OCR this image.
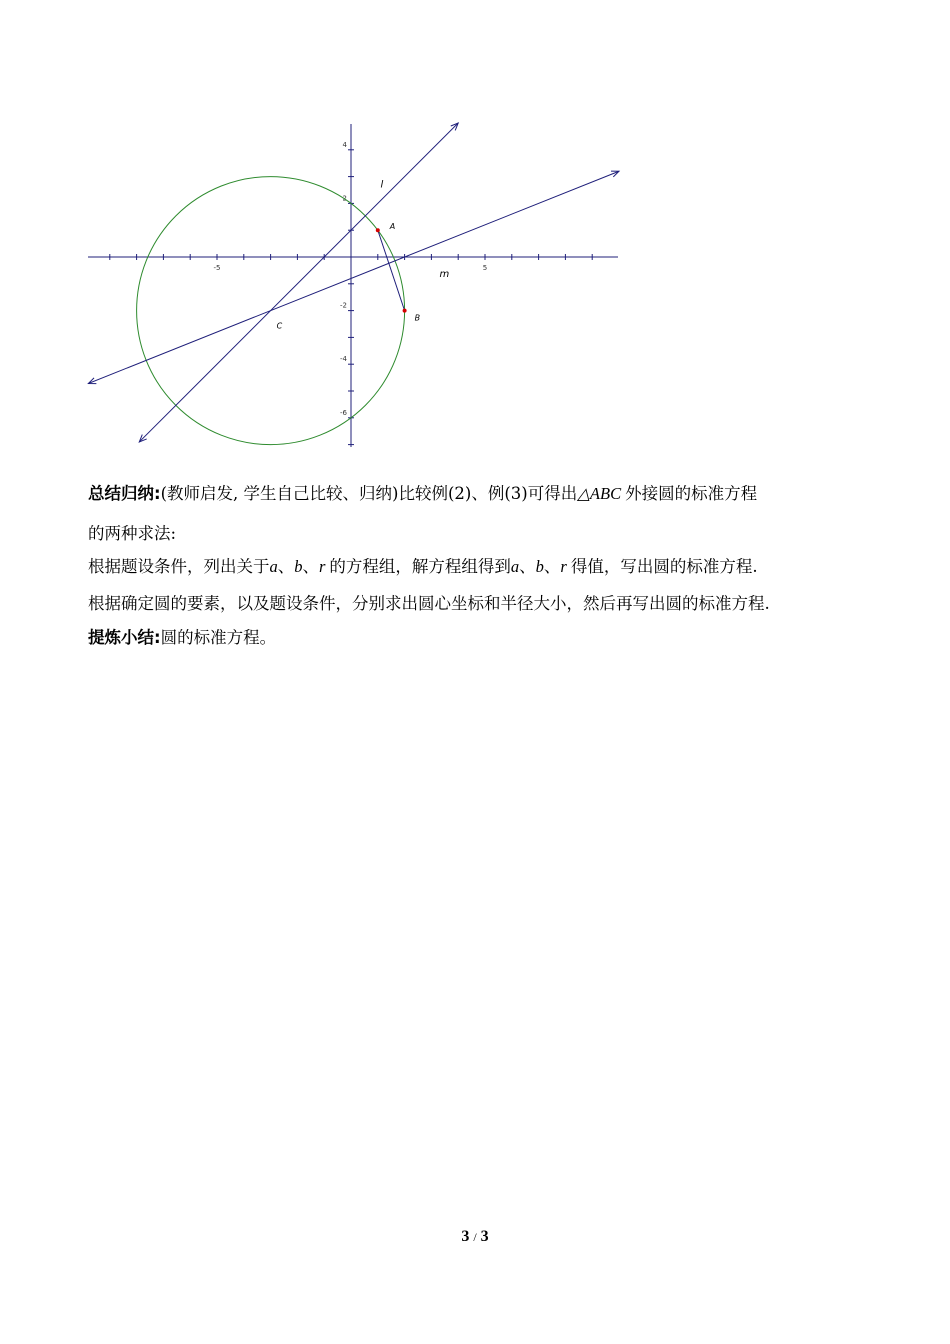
-5	5
4
2
-2
-4
-6
A
B
C
l
m
总结归纳:(教师启发, 学生自己比较、归纳)比较例(2)、例(3)可得出△ABC 外接圆的标准方程
的两种求法:
根据题设条件，列出关于a、b、r 的方程组，解方程组得到a、b、r 得值，写出圆的标准方程.
根据确定圆的要素，以及题设条件，分别求出圆心坐标和半径大小，然后再写出圆的标准方程.
提炼小结:圆的标准方程。
3 / 3
